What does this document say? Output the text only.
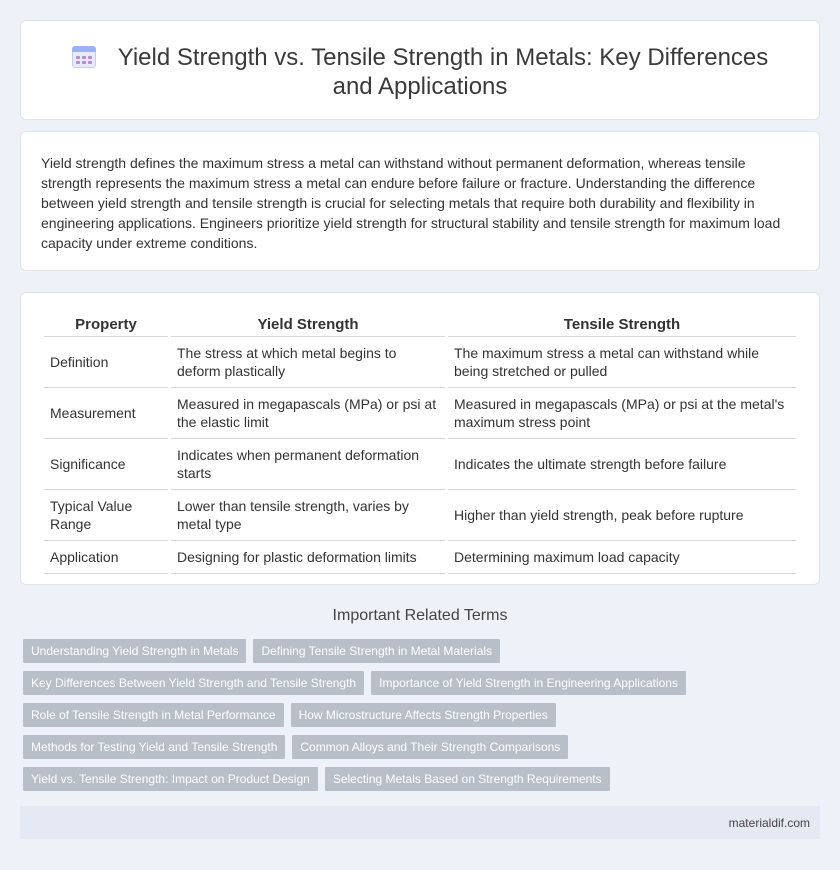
Yield Strength vs. Tensile Strength in Metals: Key Differences and Applications

Yield strength defines the maximum stress a metal can withstand without permanent deformation, whereas tensile strength represents the maximum stress a metal can endure before failure or fracture. Understanding the difference between yield strength and tensile strength is crucial for selecting metals that require both durability and flexibility in engineering applications. Engineers prioritize yield strength for structural stability and tensile strength for maximum load capacity under extreme conditions.

Property	Yield Strength	Tensile Strength
Definition	The stress at which metal begins to deform plastically	The maximum stress a metal can withstand while being stretched or pulled
Measurement	Measured in megapascals (MPa) or psi at the elastic limit	Measured in megapascals (MPa) or psi at the metal's maximum stress point
Significance	Indicates when permanent deformation starts	Indicates the ultimate strength before failure
Typical Value Range	Lower than tensile strength, varies by metal type	Higher than yield strength, peak before rupture
Application	Designing for plastic deformation limits	Determining maximum load capacity
Important Related Terms
Understanding Yield Strength in Metals	Defining Tensile Strength in Metal Materials
Key Differences Between Yield Strength and Tensile Strength	Importance of Yield Strength in Engineering Applications
Role of Tensile Strength in Metal Performance	How Microstructure Affects Strength Properties
Methods for Testing Yield and Tensile Strength	Common Alloys and Their Strength Comparisons
Yield vs. Tensile Strength: Impact on Product Design	Selecting Metals Based on Strength Requirements
materialdif.com
